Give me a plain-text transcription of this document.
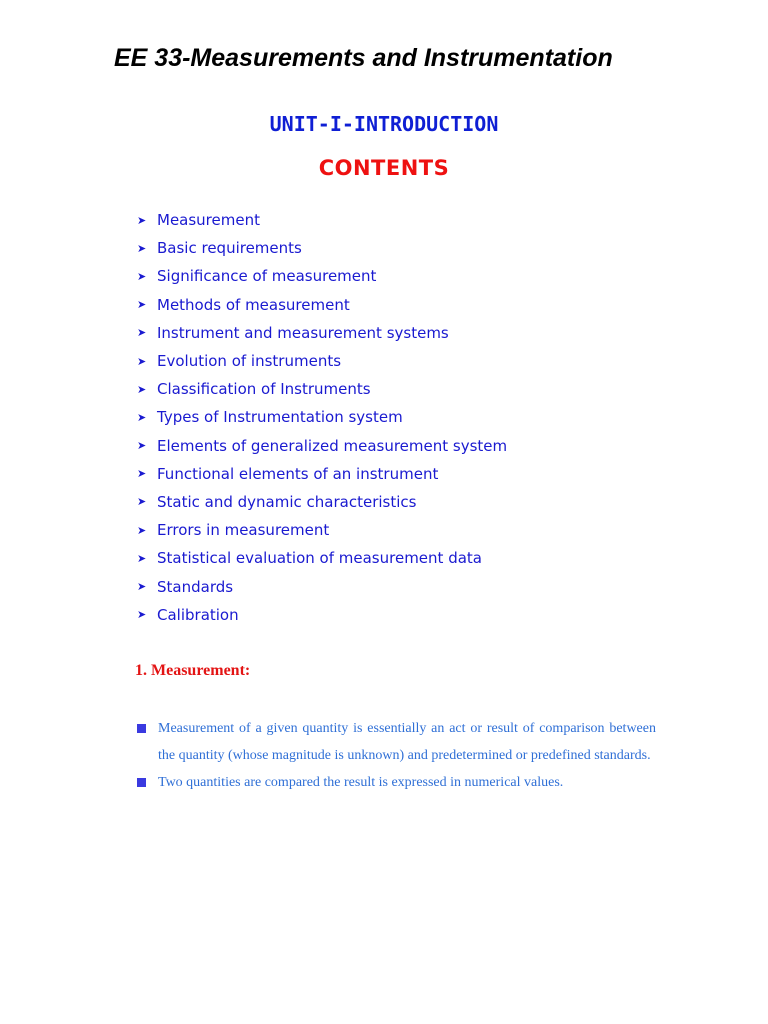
EE 33-Measurements and Instrumentation
UNIT-I-INTRODUCTION
CONTENTS
➤ Measurement
➤ Basic requirements
➤ Significance of measurement
➤ Methods of measurement
➤ Instrument and measurement systems
➤ Evolution of instruments
➤ Classification of Instruments
➤ Types of Instrumentation system
➤ Elements of generalized measurement system
➤ Functional elements of an instrument
➤ Static and dynamic characteristics
➤ Errors in measurement
➤ Statistical evaluation of measurement data
➤ Standards
➤ Calibration
1. Measurement:
Measurement of a given quantity is essentially an act or result of comparison between the quantity (whose magnitude is unknown) and predetermined or predefined standards.
Two quantities are compared the result is expressed in numerical values.
